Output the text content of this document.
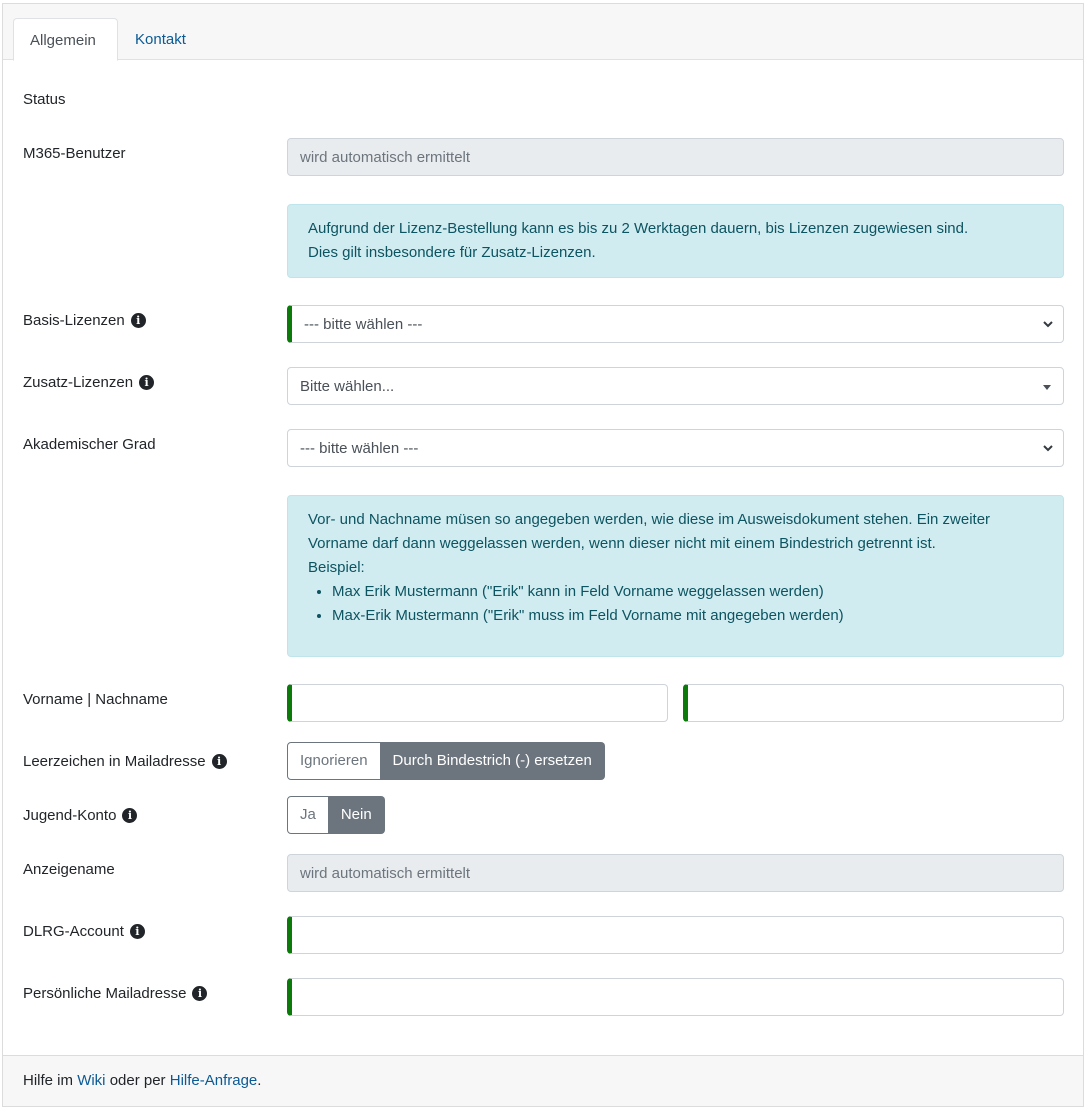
Allgemein	Kontakt
Status
M365-Benutzer	wird automatisch ermittelt
Aufgrund der Lizenz-Bestellung kann es bis zu 2 Werktagen dauern, bis Lizenzen zugewiesen sind.
Dies gilt insbesondere für Zusatz-Lizenzen.
Basis-Lizenzen	i	--- bitte wählen ---
Zusatz-Lizenzen	i	Bitte wählen...
Akademischer Grad	--- bitte wählen ---
Vor- und Nachname müsen so angegeben werden, wie diese im Ausweisdokument stehen. Ein zweiter
Vorname darf dann weggelassen werden, wenn dieser nicht mit einem Bindestrich getrennt ist.
Beispiel:
• Max Erik Mustermann ("Erik" kann in Feld Vorname weggelassen werden)
• Max-Erik Mustermann ("Erik" muss im Feld Vorname mit angegeben werden)
Vorname | Nachname
Leerzeichen in Mailadresse	i	Ignorieren	Durch Bindestrich (-) ersetzen
Jugend-Konto	i	Ja	Nein
Anzeigename	wird automatisch ermittelt
DLRG-Account	i
Persönliche Mailadresse	i
Hilfe im Wiki oder per Hilfe-Anfrage.
